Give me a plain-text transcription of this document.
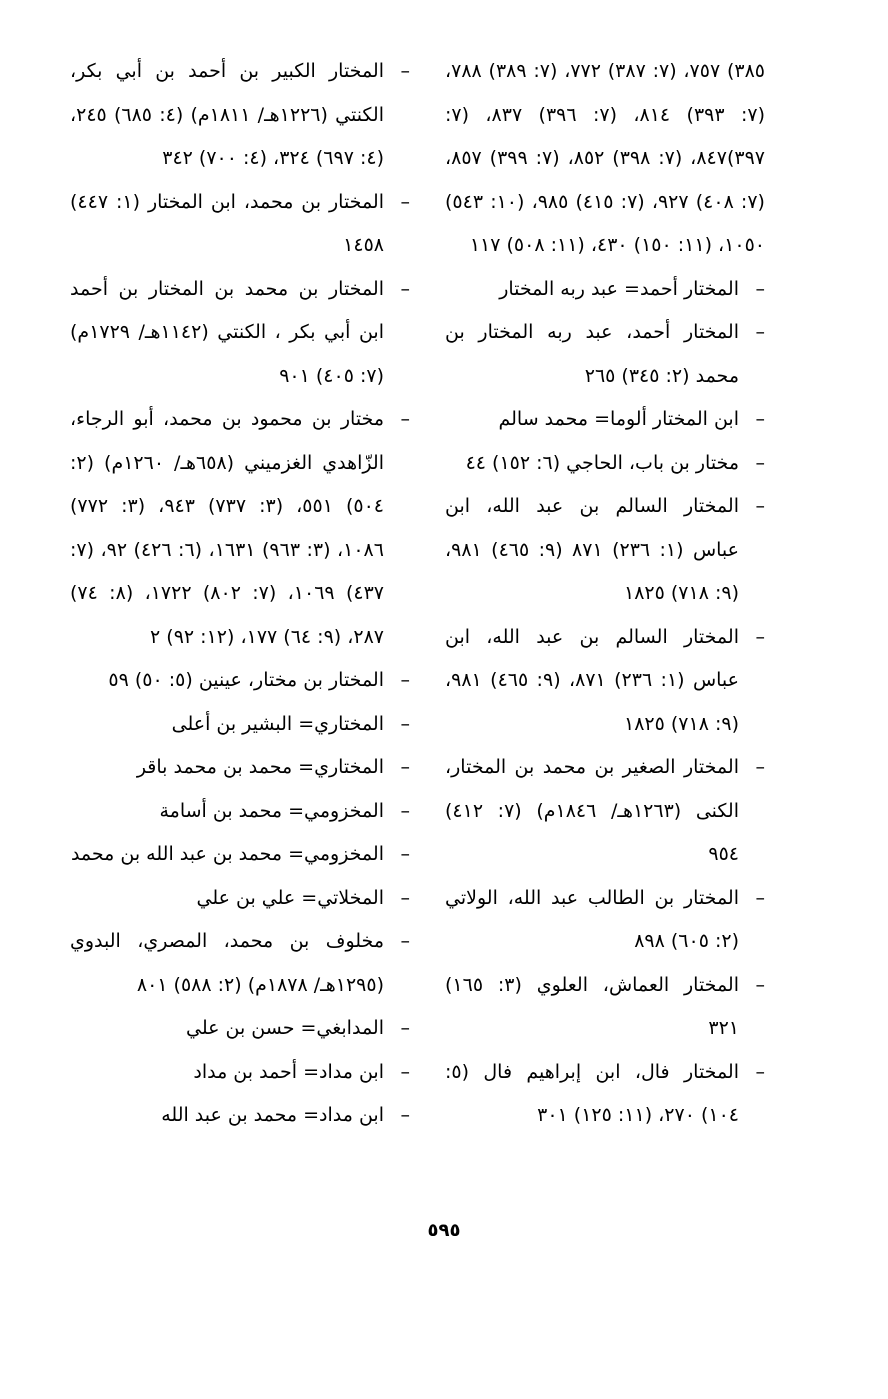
٣٨٥) ٧٥٧، (٧: ٣٨٧) ٧٧٢، (٧: ٣٨٩) ٧٨٨، (٧: ٣٩٣) ٨١٤، (٧: ٣٩٦) ٨٣٧، (٧: ٣٩٧)٨٤٧، (٧: ٣٩٨) ٨٥٢، (٧: ٣٩٩) ٨٥٧، (٧: ٤٠٨) ٩٢٧، (٧: ٤١٥) ٩٨٥، (١٠: ٥٤٣) ١٠٥٠، (١١: ١٥٠) ٤٣٠، (١١: ٥٠٨) ١١٧

– المختار أحمد= عبد ربه المختار

– المختار أحمد، عبد ربه المختار بن محمد (٢: ٣٤٥) ٢٦٥

– ابن المختار ألوما= محمد سالم

– مختار بن باب، الحاجي (٦: ١٥٢) ٤٤

– المختار السالم بن عبد الله، ابن عباس (١: ٢٣٦) ٨٧١ (٩: ٤٦٥) ٩٨١، (٩: ٧١٨) ١٨٢٥

– المختار السالم بن عبد الله، ابن عباس (١: ٢٣٦) ٨٧١، (٩: ٤٦٥) ٩٨١، (٩: ٧١٨) ١٨٢٥

– المختار الصغير بن محمد بن المختار، الكنى (١٢٦٣هـ/ ١٨٤٦م) (٧: ٤١٢) ٩٥٤

– المختار بن الطالب عبد الله، الولاتي (٢: ٦٠٥) ٨٩٨

– المختار العماش، العلوي (٣: ١٦٥) ٣٢١

– المختار فال، ابن إبراهيم فال (٥: ١٠٤) ٢٧٠، (١١: ١٢٥) ٣٠١

– المختار الكبير بن أحمد بن أبي بكر، الكنتي (١٢٢٦هـ/ ١٨١١م) (٤: ٦٨٥) ٢٤٥، (٤: ٦٩٧) ٣٢٤، (٤: ٧٠٠) ٣٤٢

– المختار بن محمد، ابن المختار (١: ٤٤٧) ١٤٥٨

– المختار بن محمد بن المختار بن أحمد ابن أبي بكر ، الكنتي (١١٤٢هـ/ ١٧٢٩م) (٧: ٤٠٥) ٩٠١

– مختار بن محمود بن محمد، أبو الرجاء، الزّاهدي الغزميني (٦٥٨هـ/ ١٢٦٠م) (٢: ٥٠٤) ٥٥١، (٣: ٧٣٧) ٩٤٣، (٣: ٧٧٢) ١٠٨٦، (٣: ٩٦٣) ١٦٣١، (٦: ٤٢٦) ٩٢، (٧: ٤٣٧) ١٠٦٩، (٧: ٨٠٢) ١٧٢٢، (٨: ٧٤) ٢٨٧، (٩: ٦٤) ١٧٧، (١٢: ٩٢) ٢

– المختار بن مختار، عينين (٥: ٥٠) ٥٩

– المختاري= البشير بن أعلى

– المختاري= محمد بن محمد باقر

– المخزومي= محمد بن أسامة

– المخزومي= محمد بن عبد الله بن محمد

– المخلاتي= علي بن علي

– مخلوف بن محمد، المصري، البدوي (١٢٩٥هـ/ ١٨٧٨م) (٢: ٥٨٨) ٨٠١

– المدابغي= حسن بن علي

– ابن مداد= أحمد بن مداد

– ابن مداد= محمد بن عبد الله

٥٩٥
